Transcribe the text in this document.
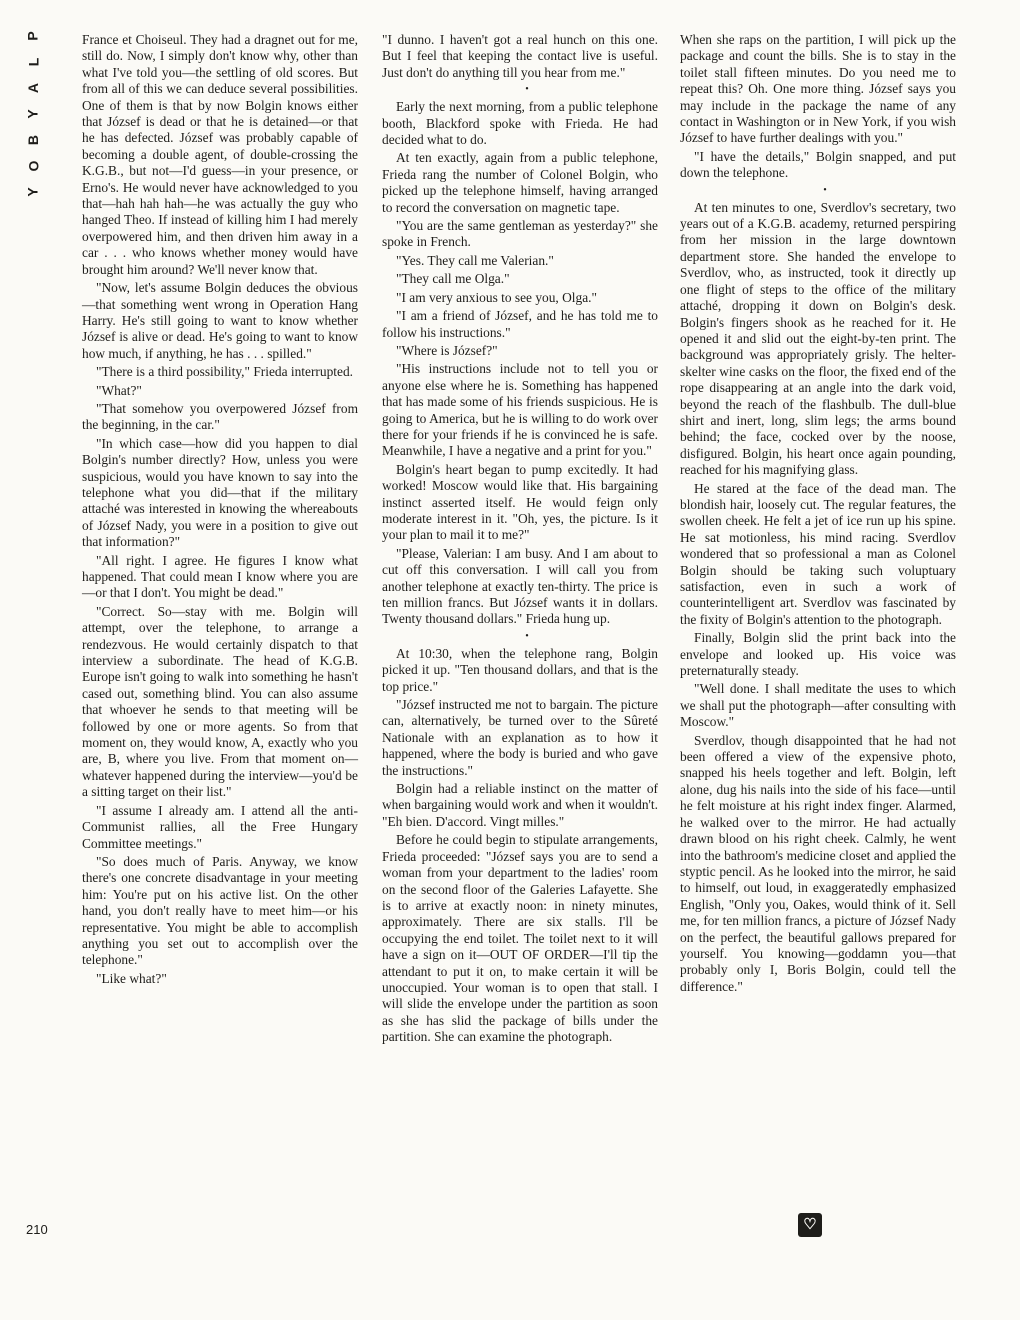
P
L
A
Y
B
O
Y

France et Choiseul. They had a dragnet out for me, still do. Now, I simply don't know why, other than what I've told you—the settling of old scores. But from all of this we can deduce several possibilities. One of them is that by now Bolgin knows either that József is dead or that he is detained—or that he has defected. József was probably capable of becoming a double agent, of double-crossing the K.G.B., but not—I'd guess—in your presence, or Erno's. He would never have acknowledged to you that—hah hah hah—he was actually the guy who hanged Theo. If instead of killing him I had merely overpowered him, and then driven him away in a car . . . who knows whether money would have brought him around? We'll never know that.

"Now, let's assume Bolgin deduces the obvious—that something went wrong in Operation Hang Harry. He's still going to want to know whether József is alive or dead. He's going to want to know how much, if anything, he has . . . spilled."

"There is a third possibility," Frieda interrupted.

"What?"

"That somehow you overpowered József from the beginning, in the car."

"In which case—how did you happen to dial Bolgin's number directly? How, unless you were suspicious, would you have known to say into the telephone what you did—that if the military attaché was interested in knowing the whereabouts of József Nady, you were in a position to give out that information?"

"All right. I agree. He figures I know what happened. That could mean I know where you are—or that I don't. You might be dead."

"Correct. So—stay with me. Bolgin will attempt, over the telephone, to arrange a rendezvous. He would certainly dispatch to that interview a subordinate. The head of K.G.B. Europe isn't going to walk into something he hasn't cased out, something blind. You can also assume that whoever he sends to that meeting will be followed by one or more agents. So from that moment on, they would know, A, exactly who you are, B, where you live. From that moment on—whatever happened during the interview—you'd be a sitting target on their list."

"I assume I already am. I attend all the anti-Communist rallies, all the Free Hungary Committee meetings."

"So does much of Paris. Anyway, we know there's one concrete disadvantage in your meeting him: You're put on his active list. On the other hand, you don't really have to meet him—or his representative. You might be able to accomplish anything you set out to accomplish over the telephone."

"Like what?"

"I dunno. I haven't got a real hunch on this one. But I feel that keeping the contact live is useful. Just don't do anything till you hear from me."

•

Early the next morning, from a public telephone booth, Blackford spoke with Frieda. He had decided what to do.

At ten exactly, again from a public telephone, Frieda rang the number of Colonel Bolgin, who picked up the telephone himself, having arranged to record the conversation on magnetic tape.

"You are the same gentleman as yesterday?" she spoke in French.

"Yes. They call me Valerian."

"They call me Olga."

"I am very anxious to see you, Olga."

"I am a friend of József, and he has told me to follow his instructions."

"Where is József?"

"His instructions include not to tell you or anyone else where he is. Something has happened that has made some of his friends suspicious. He is going to America, but he is willing to do work over there for your friends if he is convinced he is safe. Meanwhile, I have a negative and a print for you."

Bolgin's heart began to pump excitedly. It had worked! Moscow would like that. His bargaining instinct asserted itself. He would feign only moderate interest in it. "Oh, yes, the picture. Is it your plan to mail it to me?"

"Please, Valerian: I am busy. And I am about to cut off this conversation. I will call you from another telephone at exactly ten-thirty. The price is ten million francs. But József wants it in dollars. Twenty thousand dollars." Frieda hung up.

•

At 10:30, when the telephone rang, Bolgin picked it up. "Ten thousand dollars, and that is the top price."

"József instructed me not to bargain. The picture can, alternatively, be turned over to the Sûreté Nationale with an explanation as to how it happened, where the body is buried and who gave the instructions."

Bolgin had a reliable instinct on the matter of when bargaining would work and when it wouldn't. "Eh bien. D'accord. Vingt milles."

Before he could begin to stipulate arrangements, Frieda proceeded: "József says you are to send a woman from your department to the ladies' room on the second floor of the Galeries Lafayette. She is to arrive at exactly noon: in ninety minutes, approximately. There are six stalls. I'll be occupying the end toilet. The toilet next to it will have a sign on it—OUT OF ORDER—I'll tip the attendant to put it on, to make certain it will be unoccupied. Your woman is to open that stall. I will slide the envelope under the partition as soon as she has slid the package of bills under the partition. She can examine the photograph.

When she raps on the partition, I will pick up the package and count the bills. She is to stay in the toilet stall fifteen minutes. Do you need me to repeat this? Oh. One more thing. József says you may include in the package the name of any contact in Washington or in New York, if you wish József to have further dealings with you."

"I have the details," Bolgin snapped, and put down the telephone.

•

At ten minutes to one, Sverdlov's secretary, two years out of a K.G.B. academy, returned perspiring from her mission in the large downtown department store. She handed the envelope to Sverdlov, who, as instructed, took it directly up one flight of steps to the office of the military attaché, dropping it down on Bolgin's desk. Bolgin's fingers shook as he reached for it. He opened it and slid out the eight-by-ten print. The background was appropriately grisly. The helter-skelter wine casks on the floor, the fixed end of the rope disappearing at an angle into the dark void, beyond the reach of the flashbulb. The dull-blue shirt and inert, long, slim legs; the arms bound behind; the face, cocked over by the noose, disfigured. Bolgin, his heart once again pounding, reached for his magnifying glass.

He stared at the face of the dead man. The blondish hair, loosely cut. The regular features, the swollen cheek. He felt a jet of ice run up his spine. He sat motionless, his mind racing. Sverdlov wondered that so professional a man as Colonel Bolgin should be taking such voluptuary satisfaction, even in such a work of counterintelligent art. Sverdlov was fascinated by the fixity of Bolgin's attention to the photograph.

Finally, Bolgin slid the print back into the envelope and looked up. His voice was preternaturally steady.

"Well done. I shall meditate the uses to which we shall put the photograph—after consulting with Moscow."

Sverdlov, though disappointed that he had not been offered a view of the expensive photo, snapped his heels together and left. Bolgin, left alone, dug his nails into the side of his face—until he felt moisture at his right index finger. Alarmed, he walked over to the mirror. He had actually drawn blood on his right cheek. Calmly, he went into the bathroom's medicine closet and applied the styptic pencil. As he looked into the mirror, he said to himself, out loud, in exaggeratedly emphasized English, "Only you, Oakes, would think of it. Sell me, for ten million francs, a picture of József Nady on the perfect, the beautiful gallows prepared for yourself. You knowing—goddamn you—that probably only I, Boris Bolgin, could tell the difference."

210	♡
